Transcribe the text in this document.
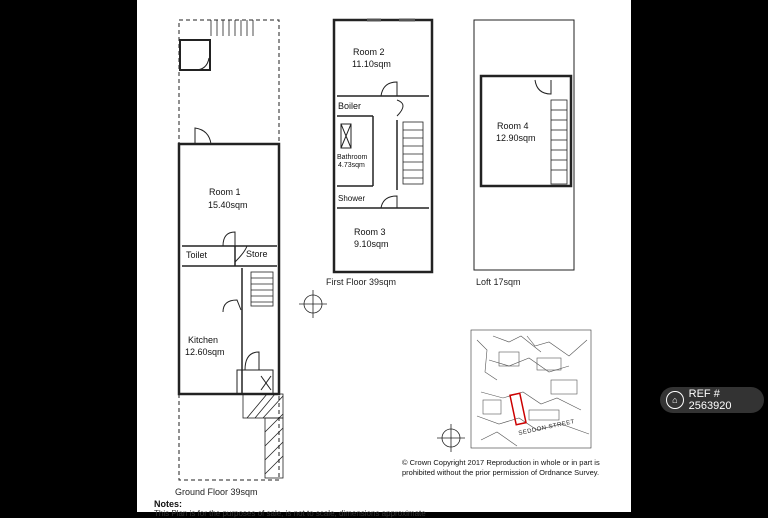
Room 1
15.40sqm
Toilet	Store
Kitchen
12.60sqm
Room 2
11.10sqm
Boiler
Bathroom
4.73sqm
Shower
Room 3
9.10sqm
Room 4
12.90sqm
Ground Floor 39sqm
First Floor 39sqm	Loft 17sqm
SEDDON STREET
© Crown Copyright 2017 Reproduction in whole or in part is prohibited without the prior permission of Ordnance Survey.
Notes:
This Plan is for the purposes of sale, is not to scale, dimensions approximate
⌂	REF # 2563920
